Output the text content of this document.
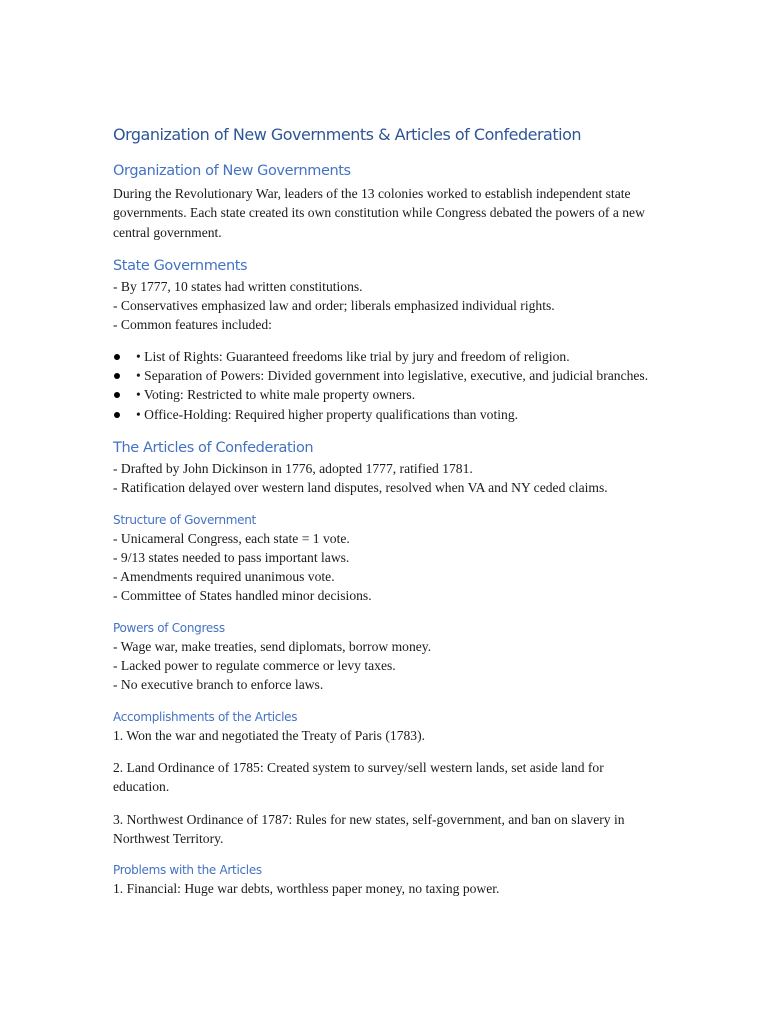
Organization of New Governments & Articles of Confederation
Organization of New Governments

During the Revolutionary War, leaders of the 13 colonies worked to establish independent state governments. Each state created its own constitution while Congress debated the powers of a new central government.

State Governments
- By 1777, 10 states had written constitutions.
- Conservatives emphasized law and order; liberals emphasized individual rights.
- Common features included:
• List of Rights: Guaranteed freedoms like trial by jury and freedom of religion.
• Separation of Powers: Divided government into legislative, executive, and judicial branches.
• Voting: Restricted to white male property owners.
• Office-Holding: Required higher property qualifications than voting.
The Articles of Confederation
- Drafted by John Dickinson in 1776, adopted 1777, ratified 1781.
- Ratification delayed over western land disputes, resolved when VA and NY ceded claims.
Structure of Government
- Unicameral Congress, each state = 1 vote.
- 9/13 states needed to pass important laws.
- Amendments required unanimous vote.
- Committee of States handled minor decisions.
Powers of Congress
- Wage war, make treaties, send diplomats, borrow money.
- Lacked power to regulate commerce or levy taxes.
- No executive branch to enforce laws.
Accomplishments of the Articles

1. Won the war and negotiated the Treaty of Paris (1783).

2. Land Ordinance of 1785: Created system to survey/sell western lands, set aside land for education.

3. Northwest Ordinance of 1787: Rules for new states, self-government, and ban on slavery in Northwest Territory.

Problems with the Articles

1. Financial: Huge war debts, worthless paper money, no taxing power.
